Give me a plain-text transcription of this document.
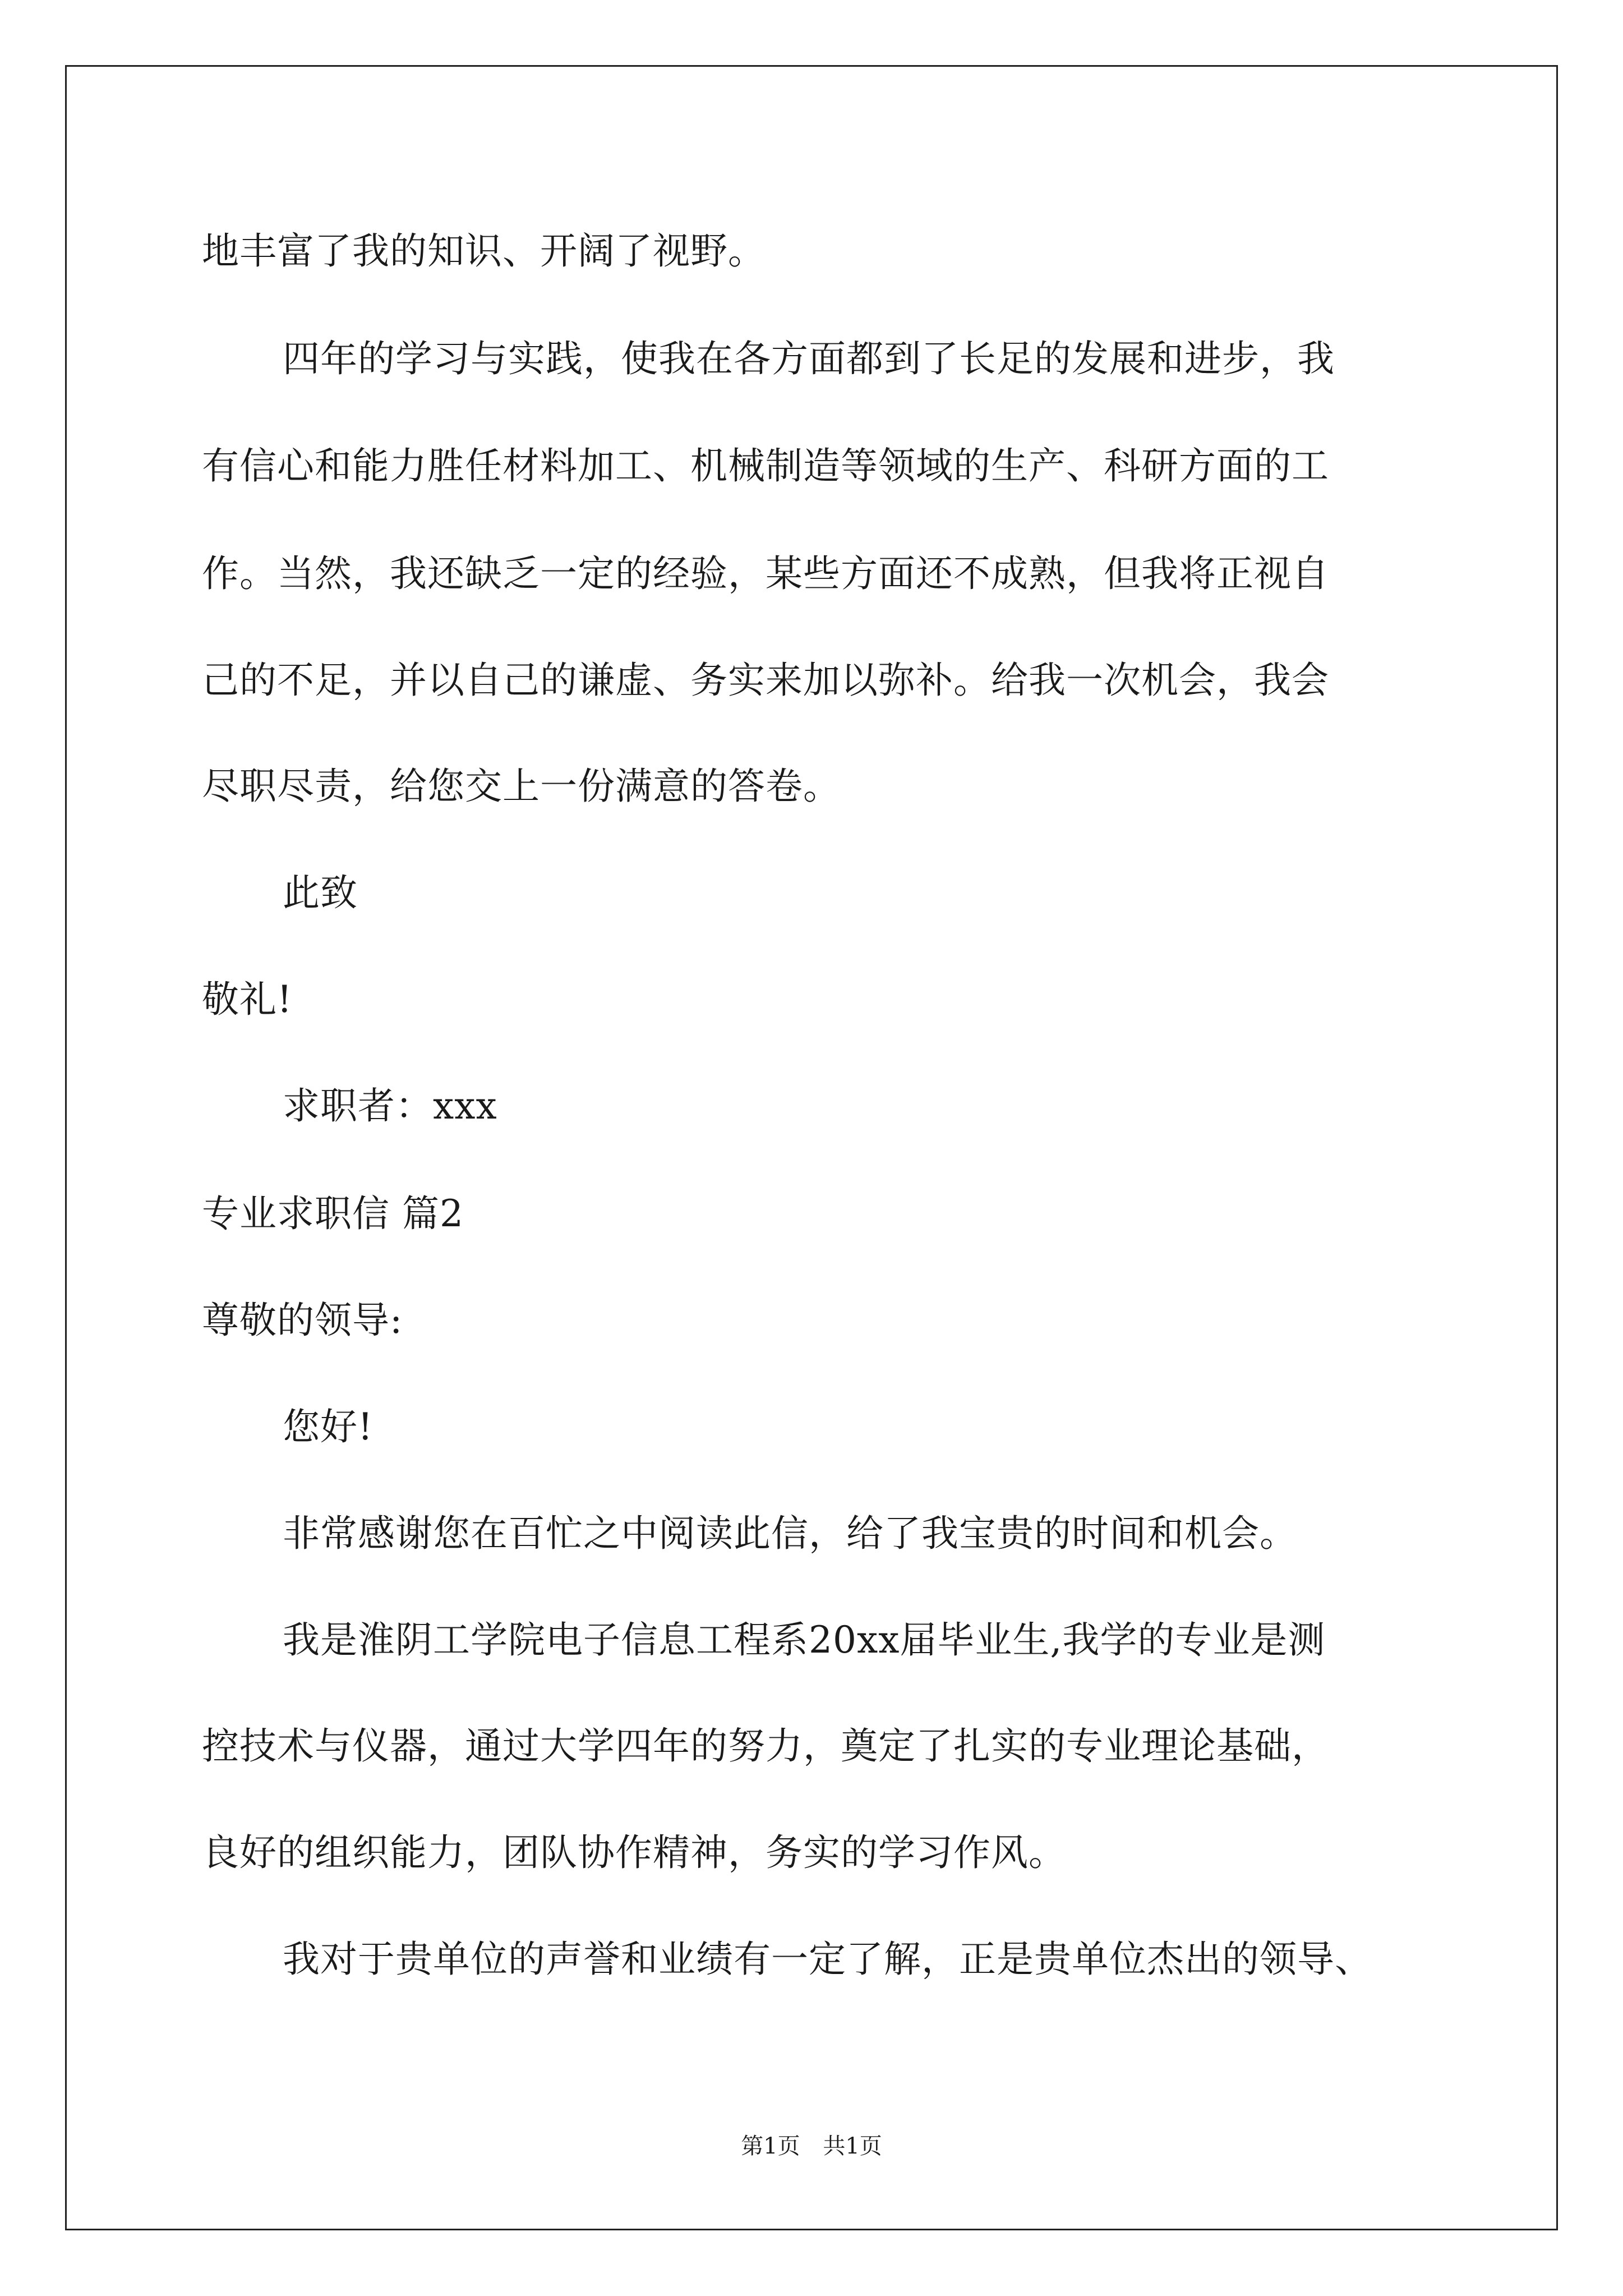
地丰富了我的知识、开阔了视野。
四年的学习与实践，使我在各方面都到了长足的发展和进步，我
有信心和能力胜任材料加工、机械制造等领域的生产、科研方面的工
作。当然，我还缺乏一定的经验，某些方面还不成熟，但我将正视自
己的不足，并以自己的谦虚、务实来加以弥补。给我一次机会，我会
尽职尽责，给您交上一份满意的答卷。
此致
敬礼!
求职者：xxx
专业求职信 篇2
尊敬的领导:
您好!
非常感谢您在百忙之中阅读此信，给了我宝贵的时间和机会。
我是淮阴工学院电子信息工程系20xx届毕业生,我学的专业是测
控技术与仪器，通过大学四年的努力，奠定了扎实的专业理论基础，
良好的组织能力，团队协作精神，务实的学习作风。
我对于贵单位的声誉和业绩有一定了解，正是贵单位杰出的领导、
第1页 共1页
